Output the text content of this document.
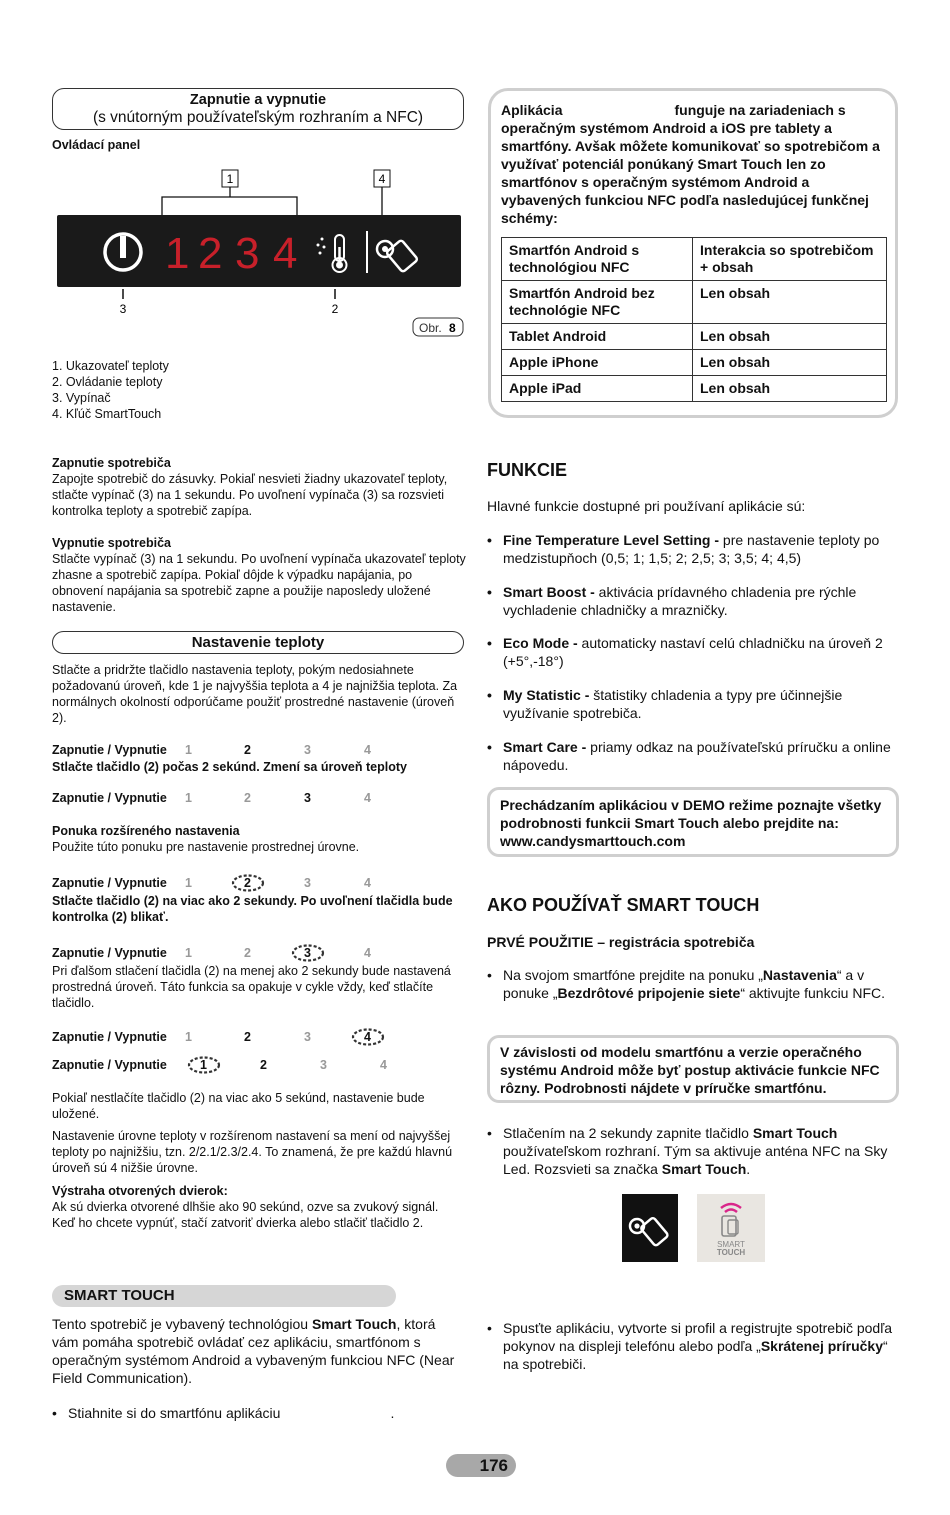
Zapnutie a vypnutie
(s vnútorným používateľským rozhraním a NFC)
Ovládací panel
1	4
1 2 3 4
3	2
Obr. 8
1. Ukazovateľ teploty
2. Ovládanie teploty
3. Vypínač
4. Kľúč SmartTouch
Zapnutie spotrebiča
Zapojte spotrebič do zásuvky. Pokiaľ nesvieti žiadny ukazovateľ teploty, stlačte vypínač (3) na 1 sekundu. Po uvoľnení vypínača (3) sa rozsvieti kontrolka teploty a spotrebič zapípa.
Vypnutie spotrebiča
Stlačte vypínač (3) na 1 sekundu. Po uvoľnení vypínača ukazovateľ teploty zhasne a spotrebič zapípa. Pokiaľ dôjde k výpadku napájania, po obnovení napájania sa spotrebič zapne a použije naposledy uložené nastavenie.
Nastavenie teploty
Stlačte a pridržte tlačidlo nastavenia teploty, pokým nedosiahnete požadovanú úroveň, kde 1 je najvyššia teplota a 4 je najnižšia teplota. Za normálnych okolností odporúčame použiť prostredné nastavenie (úroveň 2).
Zapnutie / Vypnutie 1	2	3	4
Stlačte tlačidlo (2) počas 2 sekúnd. Zmení sa úroveň teploty
Zapnutie / Vypnutie 1	2	3	4
Ponuka rozšíreného nastavenia
Použite túto ponuku pre nastavenie prostrednej úrovne.
Zapnutie / Vypnutie 1	2	3	4
Stlačte tlačidlo (2) na viac ako 2 sekundy. Po uvoľnení tlačidla bude kontrolka (2) blikať.
Zapnutie / Vypnutie 1	2	3	4
Pri ďalšom stlačení tlačidla (2) na menej ako 2 sekundy bude nastavená prostredná úroveň. Táto funkcia sa opakuje v cykle vždy, keď stlačíte tlačidlo.
Zapnutie / Vypnutie 1	2	3	4
Zapnutie / Vypnutie	1	2	3	4
Pokiaľ nestlačíte tlačidlo (2) na viac ako 5 sekúnd, nastavenie bude uložené.
Nastavenie úrovne teploty v rozšírenom nastavení sa mení od najvyššej teploty po najnižšiu, tzn. 2/2.1/2.3/2.4. To znamená, že pre každú hlavnú úroveň sú 4 nižšie úrovne.
Výstraha otvorených dvierok:
Ak sú dvierka otvorené dlhšie ako 90 sekúnd, ozve sa zvukový signál. Keď ho chcete vypnúť, stačí zatvoriť dvierka alebo stlačiť tlačidlo 2.
SMART TOUCH
Tento spotrebič je vybavený technológiou Smart Touch, ktorá vám pomáha spotrebič ovládať cez aplikáciu, smartfónom s operačným systémom Android a vybaveným funkciou NFC (Near Field Communication).
• Stiahnite si do smartfónu aplikáciu	.
Aplikácia	funguje na zariadeniach s operačným systémom Android a iOS pre tablety a smartfóny. Avšak môžete komunikovať so spotrebičom a využívať potenciál ponúkaný Smart Touch len zo smartfónov s operačným systémom Android a vybavených funkciou NFC podľa nasledujúcej funkčnej schémy:
Smartfón Android s technológiou NFC	Interakcia so spotrebičom + obsah
Smartfón Android bez technológie NFC	Len obsah
Tablet Android	Len obsah
Apple iPhone	Len obsah
Apple iPad	Len obsah
FUNKCIE
Hlavné funkcie dostupné pri používaní aplikácie sú:
• Fine Temperature Level Setting - pre nastavenie teploty po medzistupňoch (0,5; 1; 1,5; 2; 2,5; 3; 3,5; 4; 4,5)
• Smart Boost - aktivácia prídavného chladenia pre rýchle vychladenie chladničky a mrazničky.
• Eco Mode - automaticky nastaví celú chladničku na úroveň 2 (+5°,-18°)
• My Statistic - štatistiky chladenia a typy pre účinnejšie využívanie spotrebiča.
• Smart Care - priamy odkaz na používateľskú príručku a online nápovedu.
Prechádzaním aplikáciou v DEMO režime poznajte všetky podrobnosti funkcii Smart Touch alebo prejdite na: www.candysmarttouch.com
AKO POUŽÍVAŤ SMART TOUCH
PRVÉ POUŽITIE – registrácia spotrebiča
• Na svojom smartfóne prejdite na ponuku „Nastavenia“ a v ponuke „Bezdrôtové pripojenie siete“ aktivujte funkciu NFC.
V závislosti od modelu smartfónu a verzie operačného systému Android môže byť postup aktivácie funkcie NFC rôzny. Podrobnosti nájdete v príručke smartfónu.
• Stlačením na 2 sekundy zapnite tlačidlo Smart Touch používateľskom rozhraní. Tým sa aktivuje anténa NFC na Sky Led. Rozsvieti sa značka Smart Touch.
SMART
TOUCH
• Spusťte aplikáciu, vytvorte si profil a registrujte spotrebič podľa pokynov na displeji telefónu alebo podľa „Skrátenej príručky“ na spotrebiči.
176
